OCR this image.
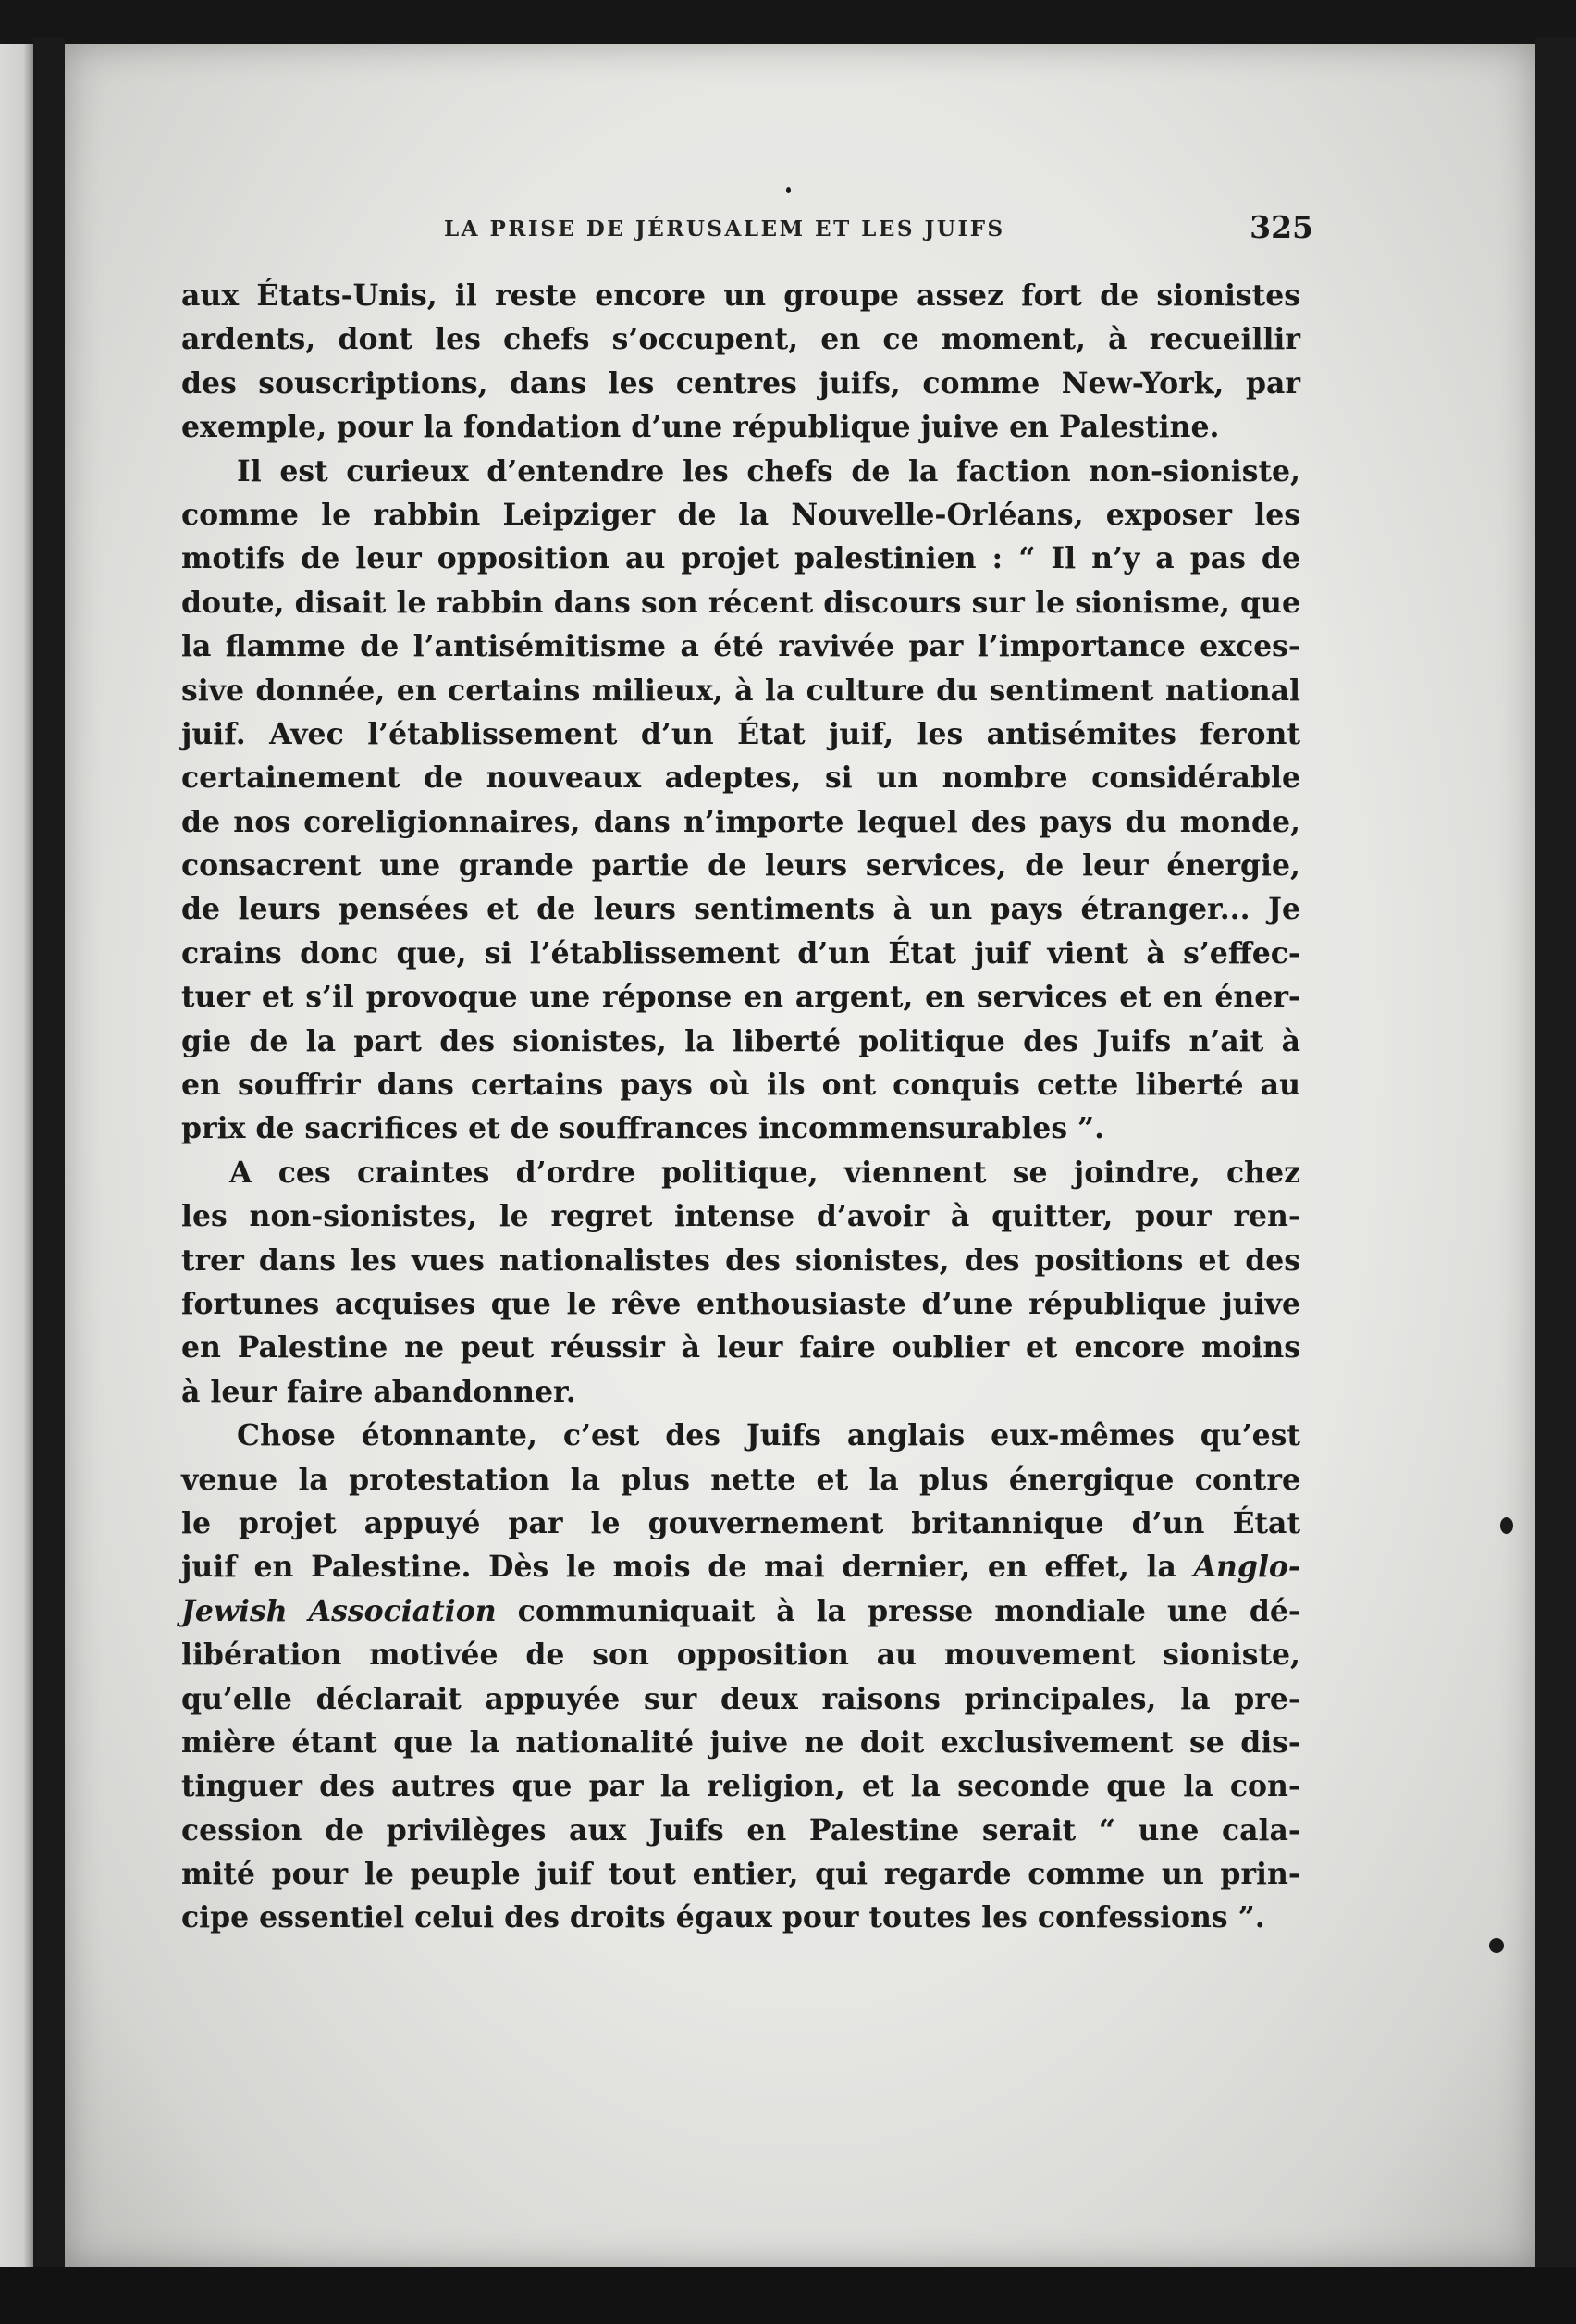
LA PRISE DE JÉRUSALEM ET LES JUIFS	325
aux États-Unis, il reste encore un groupe assez fort de sionistes
ardents, dont les chefs s’occupent, en ce moment, à recueillir
des souscriptions, dans les centres juifs, comme New-York, par
exemple, pour la fondation d’une république juive en Palestine.
Il est curieux d’entendre les chefs de la faction non-sioniste,
comme le rabbin Leipziger de la Nouvelle-Orléans, exposer les
motifs de leur opposition au projet palestinien : “ Il n’y a pas de
doute, disait le rabbin dans son récent discours sur le sionisme, que
la flamme de l’antisémitisme a été ravivée par l’importance exces-
sive donnée, en certains milieux, à la culture du sentiment national
juif. Avec l’établissement d’un État juif, les antisémites feront
certainement de nouveaux adeptes, si un nombre considérable
de nos coreligionnaires, dans n’importe lequel des pays du monde,
consacrent une grande partie de leurs services, de leur énergie,
de leurs pensées et de leurs sentiments à un pays étranger... Je
crains donc que, si l’établissement d’un État juif vient à s’effec-
tuer et s’il provoque une réponse en argent, en services et en éner-
gie de la part des sionistes, la liberté politique des Juifs n’ait à
en souffrir dans certains pays où ils ont conquis cette liberté au
prix de sacrifices et de souffrances incommensurables ”.
A ces craintes d’ordre politique, viennent se joindre, chez
les non-sionistes, le regret intense d’avoir à quitter, pour ren-
trer dans les vues nationalistes des sionistes, des positions et des
fortunes acquises que le rêve enthousiaste d’une république juive
en Palestine ne peut réussir à leur faire oublier et encore moins
à leur faire abandonner.
Chose étonnante, c’est des Juifs anglais eux-mêmes qu’est
venue la protestation la plus nette et la plus énergique contre
le projet appuyé par le gouvernement britannique d’un État
juif en Palestine. Dès le mois de mai dernier, en effet, la Anglo-
Jewish Association communiquait à la presse mondiale une dé-
libération motivée de son opposition au mouvement sioniste,
qu’elle déclarait appuyée sur deux raisons principales, la pre-
mière étant que la nationalité juive ne doit exclusivement se dis-
tinguer des autres que par la religion, et la seconde que la con-
cession de privilèges aux Juifs en Palestine serait “ une cala-
mité pour le peuple juif tout entier, qui regarde comme un prin-
cipe essentiel celui des droits égaux pour toutes les confessions ”.
